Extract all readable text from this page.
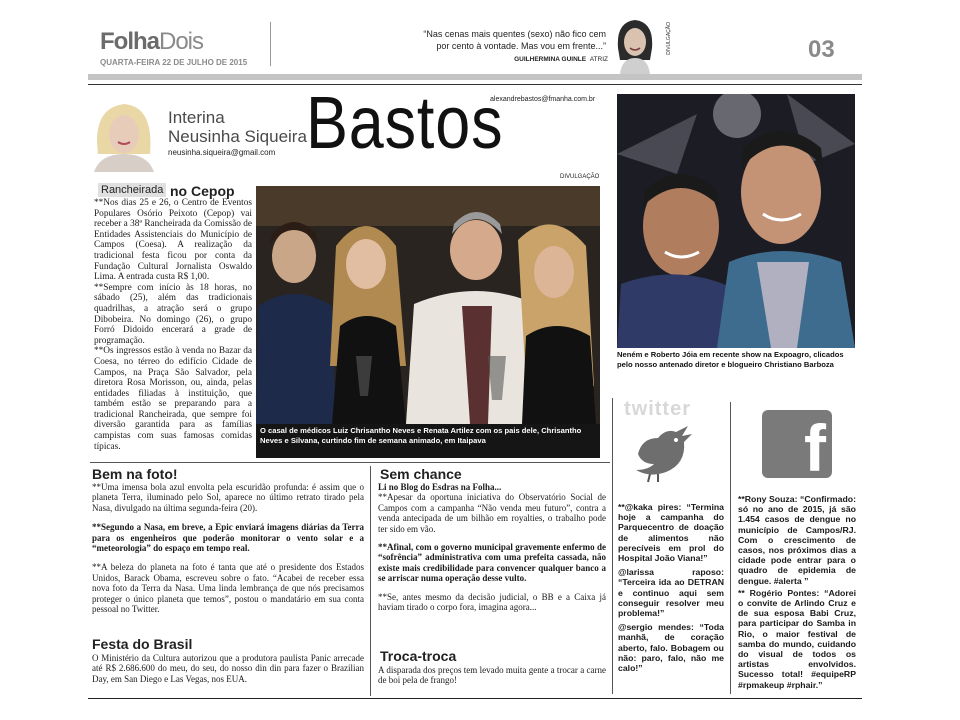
FolhaDois
QUARTA-FEIRA 22 DE JULHO DE 2015
“Nas cenas mais quentes (sexo) não fico cem por cento à vontade. Mas vou em frente...”
GUILHERMINA GUINLE ATRIZ
DIVULGAÇÃO	03
Interina
Neusinha Siqueira
neusinha.siqueira@gmail.com Bastos
alexandrebastos@fmanha.com.br
DIVULGAÇÃO
Rancheirada no Cepop

**Nos dias 25 e 26, o Centro de Eventos Populares Osório Peixoto (Cepop) vai receber a 38ª Rancheirada da Comissão de Entidades Assistenciais do Município de Campos (Coesa). A realização da tradicional festa ficou por conta da Fundação Cultural Jornalista Oswaldo Lima. A entrada custa R$ 1,00.

**Sempre com início às 18 horas, no sábado (25), além das tradicionais quadrilhas, a atração será o grupo Dibobeira. No domingo (26), o grupo Forró Didoido encerará a grade de programação.

**Os ingressos estão à venda no Bazar da Coesa, no térreo do edifício Cidade de Campos, na Praça São Salvador, pela diretora Rosa Morisson, ou, ainda, pelas entidades filiadas à instituição, que também estão se preparando para a tradicional Rancheirada, que sempre foi diversão garantida para as famílias campistas com suas famosas comidas típicas.

O casal de médicos Luiz Chrisantho Neves e Renata Artilez com os pais dele, Chrisantho Neves e Silvana, curtindo fim de semana animado, em Itaipava
Neném e Roberto Jóia em recente show na Expoagro, clicados pelo nosso antenado diretor e blogueiro Christiano Barboza
Bem na foto!

**Uma imensa bola azul envolta pela escuridão profunda: é assim que o planeta Terra, iluminado pelo Sol, aparece no último retrato tirado pela Nasa, divulgado na última segunda-feira (20).

**Segundo a Nasa, em breve, a Epic enviará imagens diárias da Terra para os engenheiros que poderão monitorar o vento solar e a “meteorologia” do espaço em tempo real.

**A beleza do planeta na foto é tanta que até o presidente dos Estados Unidos, Barack Obama, escreveu sobre o fato. “Acabei de receber essa nova foto da Terra da Nasa. Uma linda lembrança de que nós precisamos proteger o único planeta que temos”, postou o mandatário em sua conta pessoal no Twitter.

Festa do Brasil

O Ministério da Cultura autorizou que a produtora paulista Panic arrecade até R$ 2.686.600 do meu, do seu, do nosso din din para fazer o Brazilian Day, em San Diego e Las Vegas, nos EUA.

Sem chance

Li no Blog do Esdras na Folha...

**Apesar da oportuna iniciativa do Observatório Social de Campos com a campanha “Não venda meu futuro”, contra a venda antecipada de um bilhão em royalties, o trabalho pode ter sido em vão.

**Afinal, com o governo municipal gravemente enfermo de “sofrência” administrativa com uma prefeita cassada, não existe mais credibilidade para convencer qualquer banco a se arriscar numa operação desse vulto.

**Se, antes mesmo da decisão judicial, o BB e a Caixa já haviam tirado o corpo fora, imagina agora...

Troca-troca

A disparada dos preços tem levado muita gente a trocar a carne de boi pela de frango!

twitter

**@kaka pires: “Termina hoje a campanha do Parquecentro de doação de alimentos não perecíveis em prol do Hospital João Viana!”

@larissa raposo: “Terceira ida ao DETRAN e continuo aqui sem conseguir resolver meu problema!”

@sergio mendes: “Toda manhã, de coração aberto, falo. Bobagem ou não: paro, falo, não me calo!”

f

**Rony Souza: “Confirmado: só no ano de 2015, já são 1.454 casos de dengue no município de Campos/RJ. Com o crescimento de casos, nos próximos dias a cidade pode entrar para o quadro de epidemia de dengue. #alerta ”

** Rogério Pontes: “Adorei o convite de Arlindo Cruz e de sua esposa Babi Cruz, para participar do Samba in Rio, o maior festival de samba do mundo, cuidando do visual de todos os artistas envolvidos. Sucesso total! #equipeRP #rpmakeup #rphair.”
